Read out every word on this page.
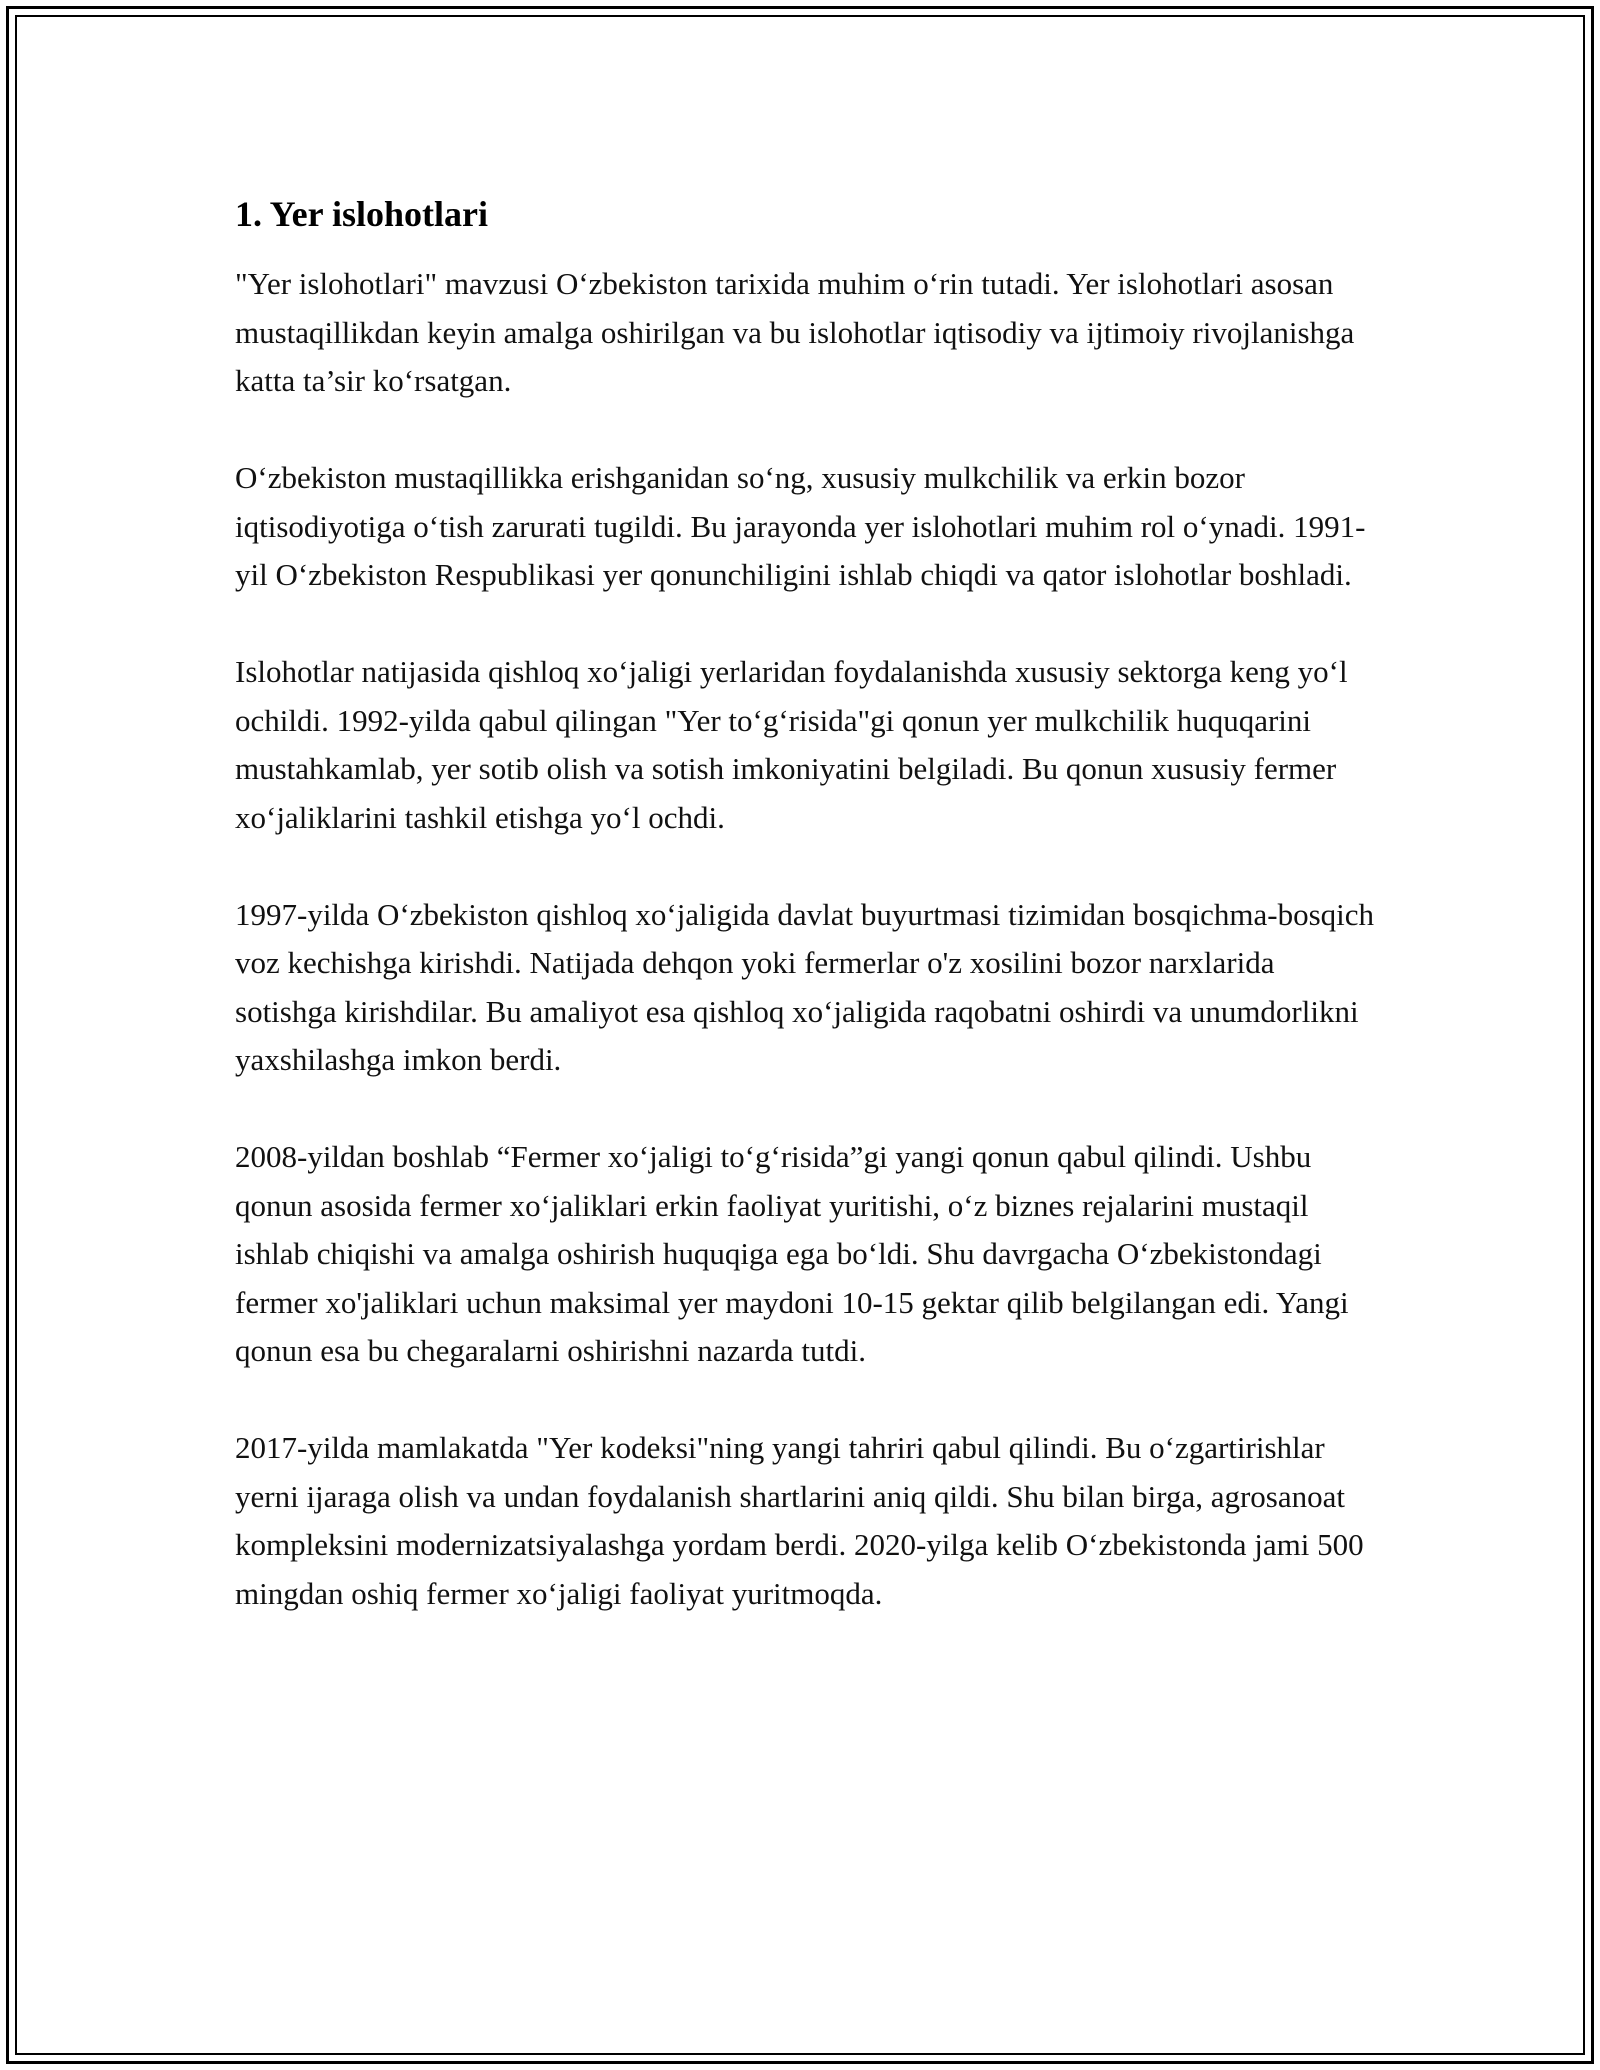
1. Yer islohotlari

"Yer islohotlari" mavzusi O‘zbekiston tarixida muhim o‘rin tutadi. Yer islohotlari asosan mustaqillikdan keyin amalga oshirilgan va bu islohotlar iqtisodiy va ijtimoiy rivojlanishga katta ta’sir ko‘rsatgan.

O‘zbekiston mustaqillikka erishganidan so‘ng, xususiy mulkchilik va erkin bozor iqtisodiyotiga o‘tish zarurati tugildi. Bu jarayonda yer islohotlari muhim rol o‘ynadi. 1991-yil O‘zbekiston Respublikasi yer qonunchiligini ishlab chiqdi va qator islohotlar boshladi.

Islohotlar natijasida qishloq xo‘jaligi yerlaridan foydalanishda xususiy sektorga keng yo‘l ochildi. 1992-yilda qabul qilingan "Yer to‘g‘risida"gi qonun yer mulkchilik huquqarini mustahkamlab, yer sotib olish va sotish imkoniyatini belgiladi. Bu qonun xususiy fermer xo‘jaliklarini tashkil etishga yo‘l ochdi.

1997-yilda O‘zbekiston qishloq xo‘jaligida davlat buyurtmasi tizimidan bosqichma-bosqich voz kechishga kirishdi. Natijada dehqon yoki fermerlar o'z xosilini bozor narxlarida sotishga kirishdilar. Bu amaliyot esa qishloq xo‘jaligida raqobatni oshirdi va unumdorlikni yaxshilashga imkon berdi.

2008-yildan boshlab “Fermer xo‘jaligi to‘g‘risida”gi yangi qonun qabul qilindi. Ushbu qonun asosida fermer xo‘jaliklari erkin faoliyat yuritishi, o‘z biznes rejalarini mustaqil ishlab chiqishi va amalga oshirish huquqiga ega bo‘ldi. Shu davrgacha O‘zbekistondagi fermer xo'jaliklari uchun maksimal yer maydoni 10-15 gektar qilib belgilangan edi. Yangi qonun esa bu chegaralarni oshirishni nazarda tutdi.

2017-yilda mamlakatda "Yer kodeksi"ning yangi tahriri qabul qilindi. Bu o‘zgartirishlar yerni ijaraga olish va undan foydalanish shartlarini aniq qildi. Shu bilan birga, agrosanoat kompleksini modernizatsiyalashga yordam berdi. 2020-yilga kelib O‘zbekistonda jami 500 mingdan oshiq fermer xo‘jaligi faoliyat yuritmoqda.
